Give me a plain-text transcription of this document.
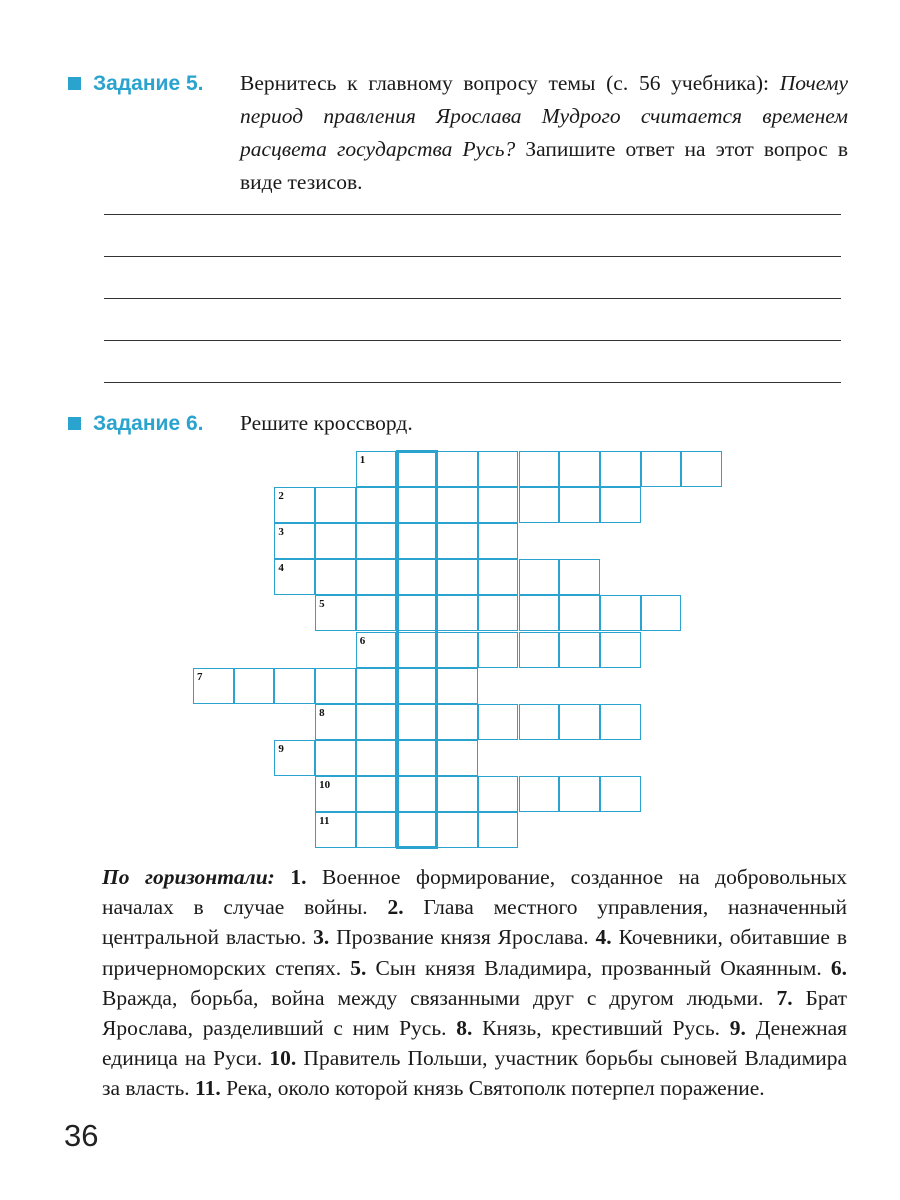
Задание 5. Вернитесь к главному вопросу темы (с. 56 учебника): Почему период правления Ярослава Мудрого считается временем расцвета государства Русь? Запишите ответ на этот вопрос в виде тезисов.
Задание 6. Решите кроссворд.
1
2
3
4
5
6
7
8
9
10
11
По горизонтали: 1. Военное формирование, созданное на добровольных началах в случае войны. 2. Глава местного управления, назначенный центральной властью. 3. Прозвание князя Ярослава. 4. Кочевники, обитавшие в причерноморских степях. 5. Сын князя Владимира, прозванный Окаянным. 6. Вражда, борьба, война между связанными друг с другом людьми. 7. Брат Ярослава, разделивший с ним Русь. 8. Князь, крестивший Русь. 9. Денежная единица на Руси. 10. Правитель Польши, участник борьбы сыновей Владимира за власть. 11. Река, около которой князь Святополк потерпел поражение.
36
